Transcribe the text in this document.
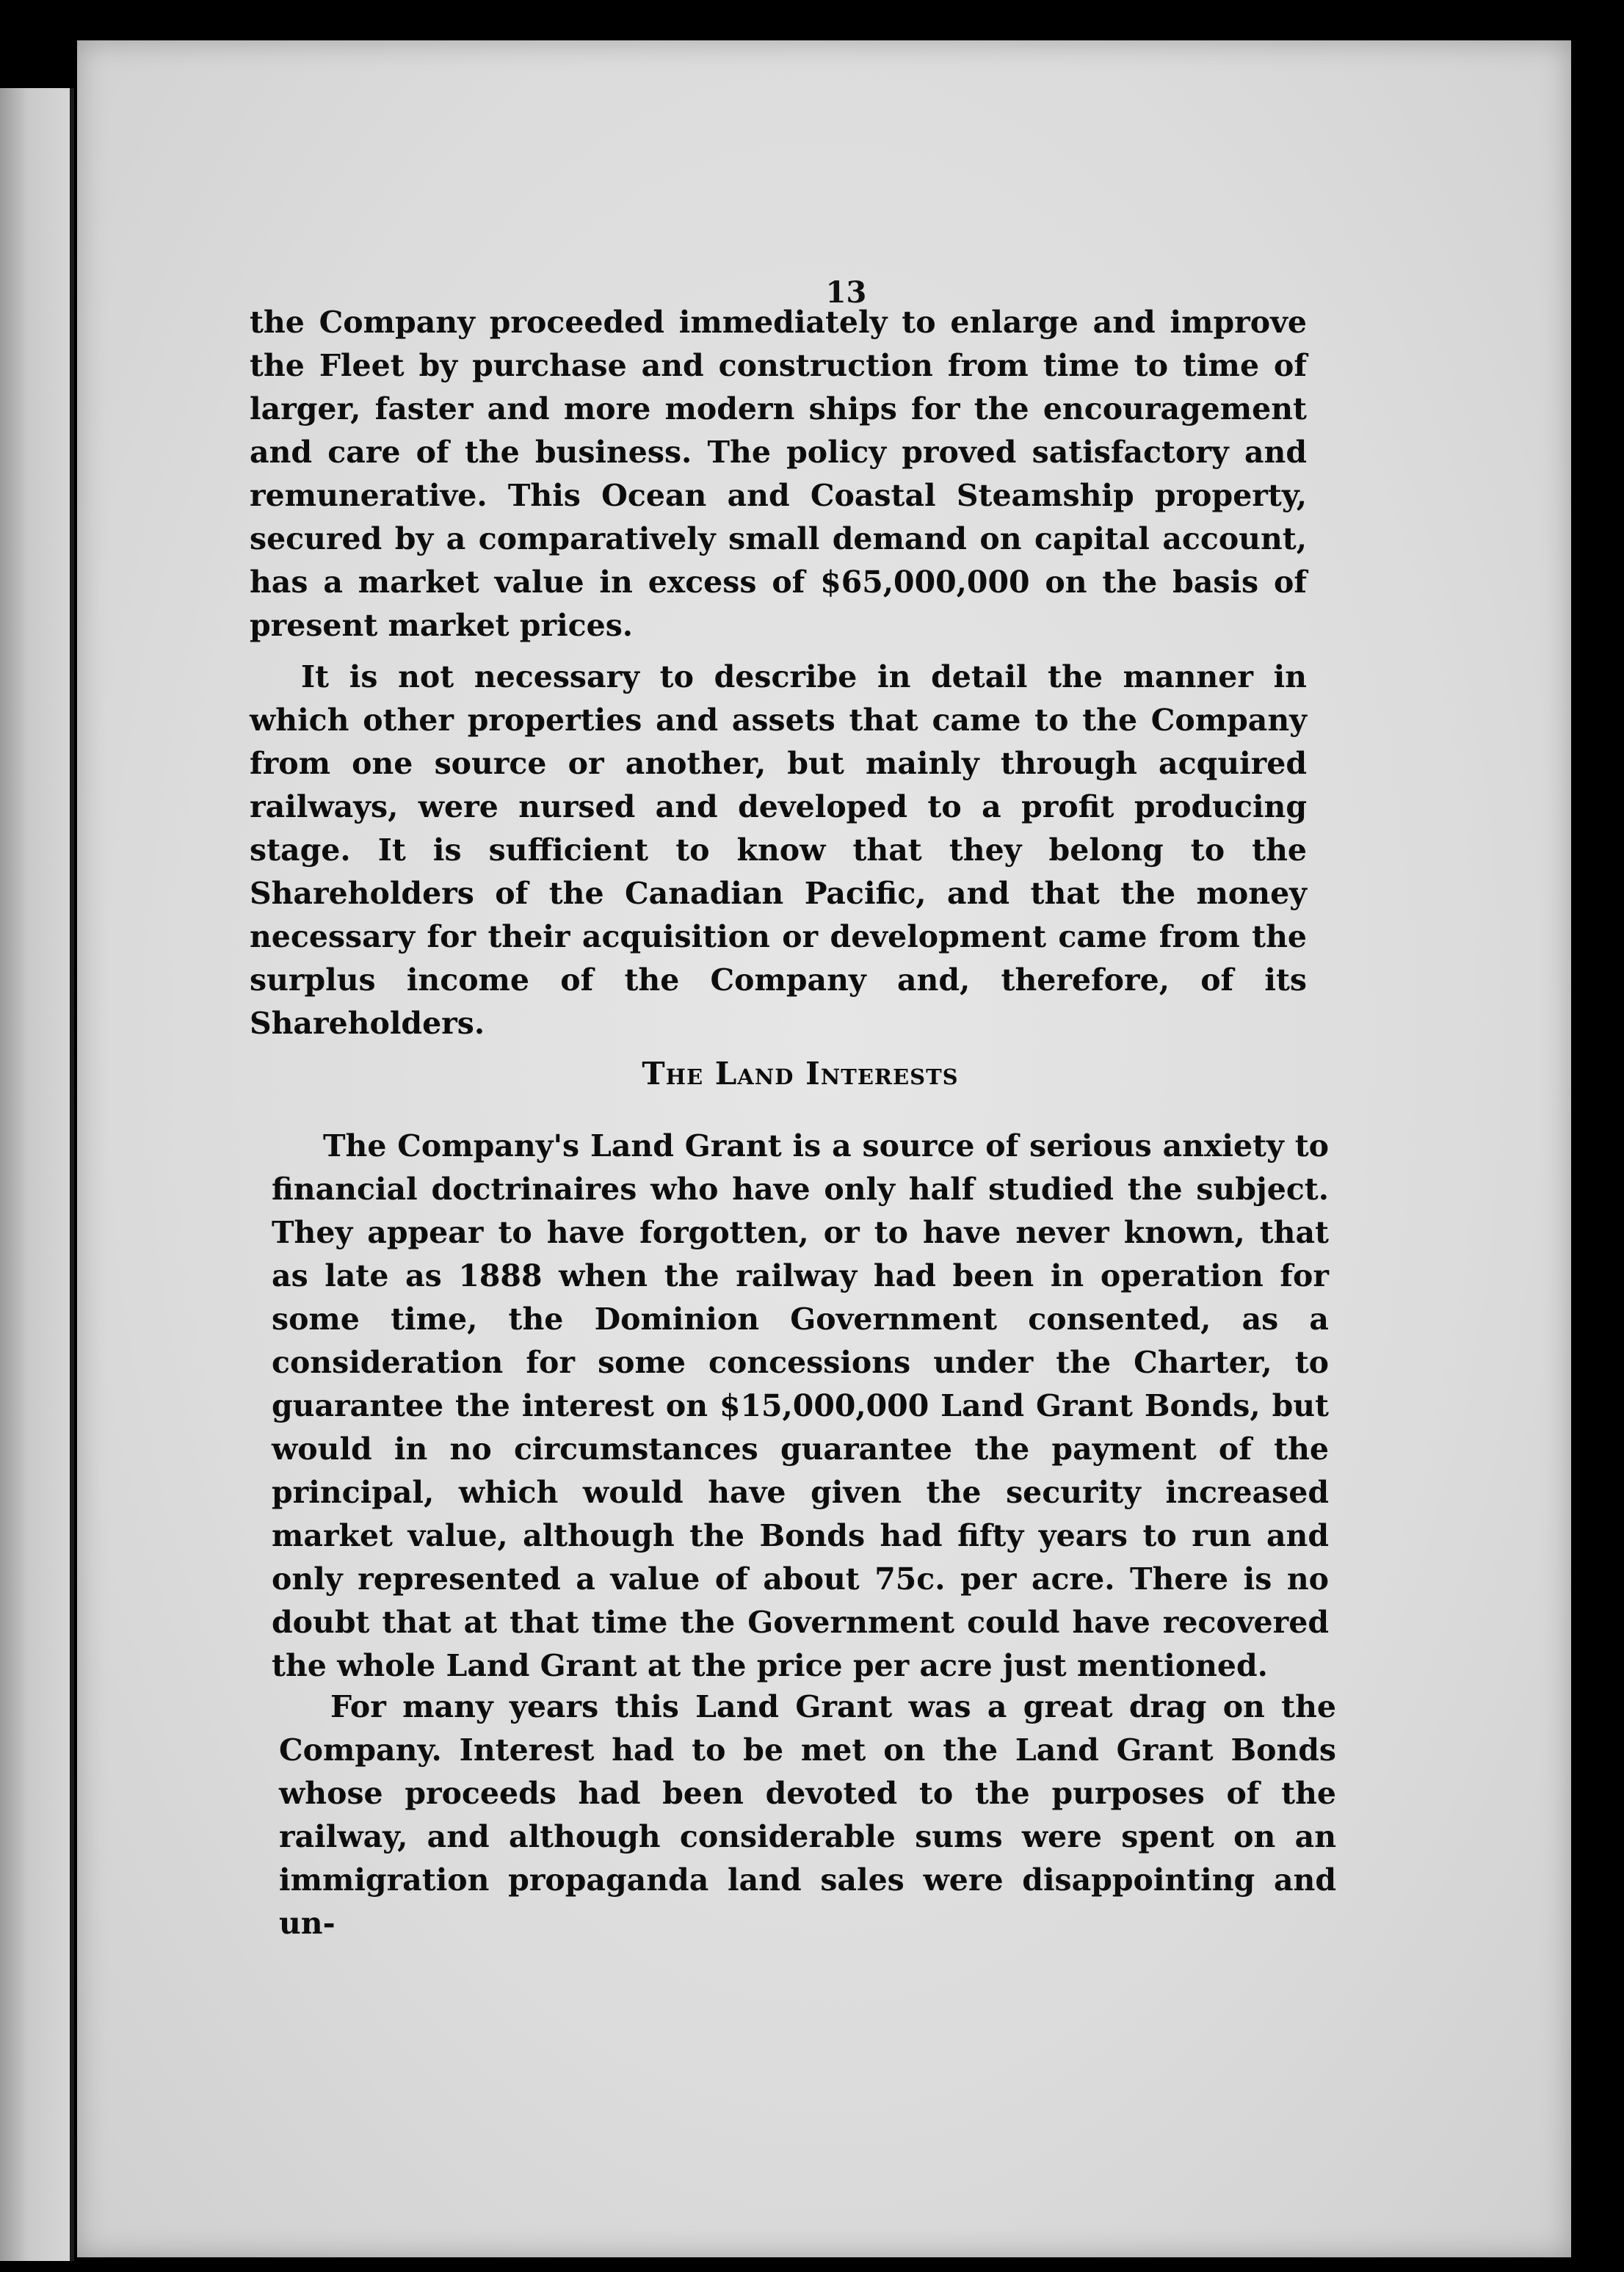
13

the Company proceeded immediately to enlarge and improve the Fleet by purchase and construction from time to time of larger, faster and more modern ships for the encouragement and care of the business. The policy proved satisfactory and remunerative. This Ocean and Coastal Steamship property, secured by a comparatively small demand on capital account, has a market value in excess of $65,000,000 on the basis of present market prices.

It is not necessary to describe in detail the manner in which other properties and assets that came to the Company from one source or another, but mainly through acquired railways, were nursed and developed to a profit producing stage. It is sufficient to know that they belong to the Shareholders of the Canadian Pacific, and that the money necessary for their acquisition or development came from the surplus income of the Company and, therefore, of its Shareholders.

The Land Interests

The Company's Land Grant is a source of serious anxiety to financial doctrinaires who have only half studied the subject. They appear to have forgotten, or to have never known, that as late as 1888 when the railway had been in operation for some time, the Dominion Government consented, as a consideration for some concessions under the Charter, to guarantee the interest on $15,000,000 Land Grant Bonds, but would in no circumstances guarantee the payment of the principal, which would have given the security increased market value, although the Bonds had fifty years to run and only represented a value of about 75c. per acre. There is no doubt that at that time the Government could have recovered the whole Land Grant at the price per acre just mentioned.

For many years this Land Grant was a great drag on the Company. Interest had to be met on the Land Grant Bonds whose proceeds had been devoted to the purposes of the railway, and although considerable sums were spent on an immigration propaganda land sales were disappointing and un-
